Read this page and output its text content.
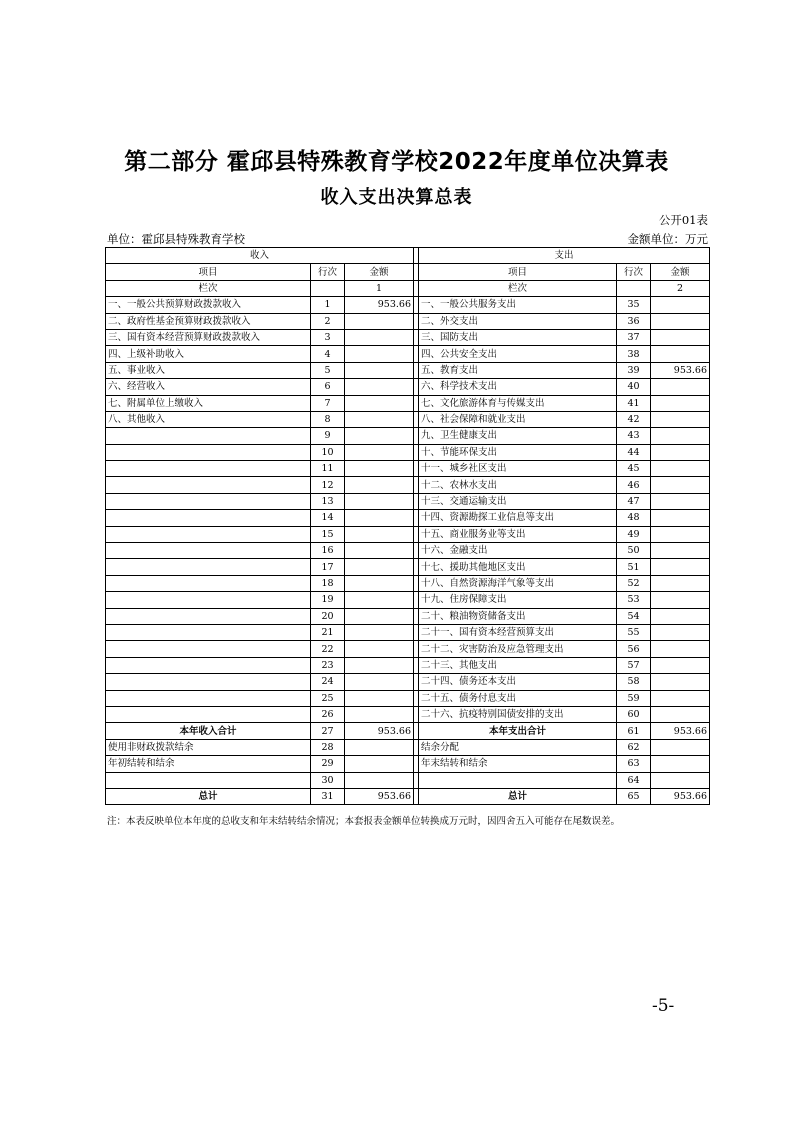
第二部分 霍邱县特殊教育学校2022年度单位决算表
收入支出决算总表
公开01表
单位：霍邱县特殊教育学校	金额单位：万元
收入				支出		
项目	行次	金额		项目	行次	金额
栏次		1		栏次		2
一、一般公共预算财政拨款收入	1	953.66		一、一般公共服务支出	35	
二、政府性基金预算财政拨款收入	2			二、外交支出	36	
三、国有资本经营预算财政拨款收入	3			三、国防支出	37	
四、上级补助收入	4			四、公共安全支出	38	
五、事业收入	5			五、教育支出	39	953.66
六、经营收入	6			六、科学技术支出	40	
七、附属单位上缴收入	7			七、文化旅游体育与传媒支出	41	
八、其他收入	8			八、社会保障和就业支出	42	
	9			九、卫生健康支出	43	
	10			十、节能环保支出	44	
	11			十一、城乡社区支出	45	
	12			十二、农林水支出	46	
	13			十三、交通运输支出	47	
	14			十四、资源勘探工业信息等支出	48	
	15			十五、商业服务业等支出	49	
	16			十六、金融支出	50	
	17			十七、援助其他地区支出	51	
	18			十八、自然资源海洋气象等支出	52	
	19			十九、住房保障支出	53	
	20			二十、粮油物资储备支出	54	
	21			二十一、国有资本经营预算支出	55	
	22			二十二、灾害防治及应急管理支出	56	
	23			二十三、其他支出	57	
	24			二十四、债务还本支出	58	
	25			二十五、债务付息支出	59	
	26			二十六、抗疫特别国债安排的支出	60	
本年收入合计	27	953.66		本年支出合计	61	953.66
使用非财政拨款结余	28			结余分配	62	
年初结转和结余	29			年末结转和结余	63	
	30				64	
总计	31	953.66		总计	65	953.66
注：本表反映单位本年度的总收支和年末结转结余情况；本套报表金额单位转换成万元时，因四舍五入可能存在尾数误差。
-5-
